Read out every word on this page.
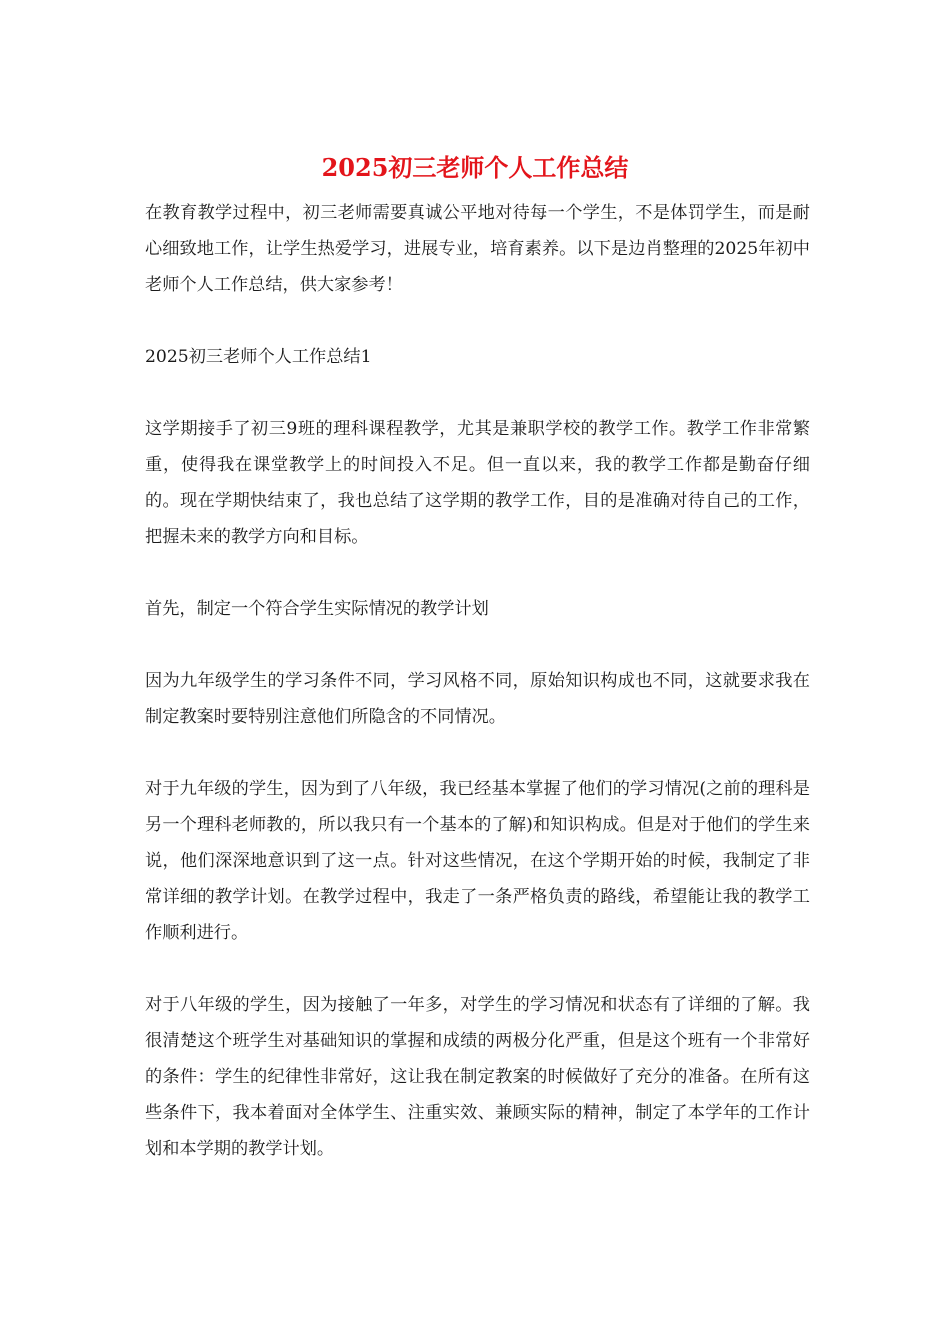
2025初三老师个人工作总结

在教育教学过程中，初三老师需要真诚公平地对待每一个学生，不是体罚学生，而是耐心细致地工作，让学生热爱学习，进展专业，培育素养。以下是边肖整理的2025年初中老师个人工作总结，供大家参考！

2025初三老师个人工作总结1

这学期接手了初三9班的理科课程教学，尤其是兼职学校的教学工作。教学工作非常繁重，使得我在课堂教学上的时间投入不足。但一直以来，我的教学工作都是勤奋仔细的。现在学期快结束了，我也总结了这学期的教学工作，目的是准确对待自己的工作，把握未来的教学方向和目标。

首先，制定一个符合学生实际情况的教学计划

因为九年级学生的学习条件不同，学习风格不同，原始知识构成也不同，这就要求我在制定教案时要特别注意他们所隐含的不同情况。

对于九年级的学生，因为到了八年级，我已经基本掌握了他们的学习情况(之前的理科是另一个理科老师教的，所以我只有一个基本的了解)和知识构成。但是对于他们的学生来说，他们深深地意识到了这一点。针对这些情况，在这个学期开始的时候，我制定了非常详细的教学计划。在教学过程中，我走了一条严格负责的路线，希望能让我的教学工作顺利进行。

对于八年级的学生，因为接触了一年多，对学生的学习情况和状态有了详细的了解。我很清楚这个班学生对基础知识的掌握和成绩的两极分化严重，但是这个班有一个非常好的条件：学生的纪律性非常好，这让我在制定教案的时候做好了充分的准备。在所有这些条件下，我本着面对全体学生、注重实效、兼顾实际的精神，制定了本学年的工作计划和本学期的教学计划。
